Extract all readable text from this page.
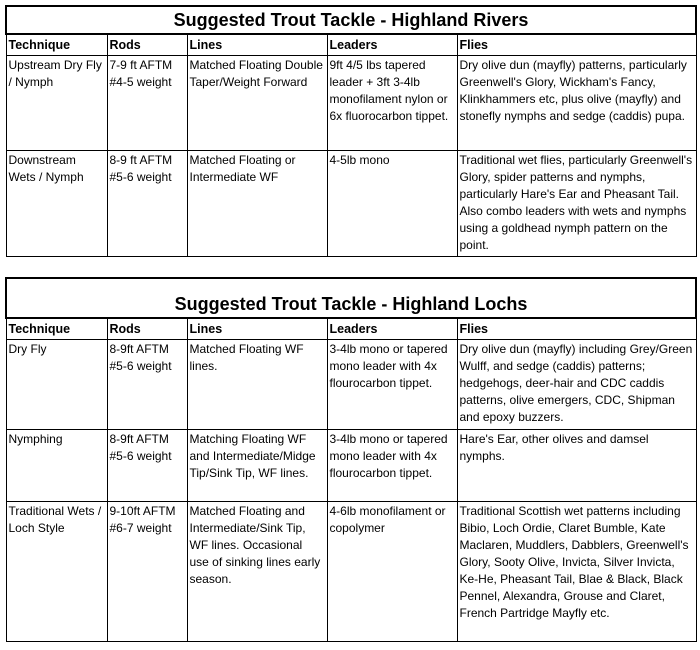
Suggested Trout Tackle - Highland Rivers				
Technique	Rods	Lines	Leaders	Flies
Upstream Dry Fly / Nymph	7-9 ft AFTM #4-5 weight	Matched Floating Double Taper/Weight Forward	9ft 4/5 lbs tapered leader + 3ft 3-4lb monofilament nylon or 6x fluorocarbon tippet.	Dry olive dun (mayfly) patterns, particularly Greenwell's Glory, Wickham's Fancy, Klinkhammers etc, plus olive (mayfly) and stonefly nymphs and sedge (caddis) pupa.
Downstream Wets / Nymph	8-9 ft AFTM #5-6 weight	Matched Floating or Intermediate WF	4-5lb mono	Traditional wet flies, particularly Greenwell's Glory, spider patterns and nymphs, particularly Hare's Ear and Pheasant Tail. Also combo leaders with wets and nymphs using a goldhead nymph pattern on the point.

Suggested Trout Tackle - Highland Lochs				
Technique	Rods	Lines	Leaders	Flies
Dry Fly	8-9ft AFTM #5-6 weight	Matched Floating WF lines.	3-4lb mono or tapered mono leader with 4x flourocarbon tippet.	Dry olive dun (mayfly) including Grey/Green Wulff, and sedge (caddis) patterns; hedgehogs, deer-hair and CDC caddis patterns, olive emergers, CDC, Shipman and epoxy buzzers.
Nymphing	8-9ft AFTM #5-6 weight	Matching Floating WF and Intermediate/Midge Tip/Sink Tip, WF lines.	3-4lb mono or tapered mono leader with 4x flourocarbon tippet.	Hare's Ear, other olives and damsel nymphs.
Traditional Wets / Loch Style	9-10ft AFTM #6-7 weight	Matched Floating and Intermediate/Sink Tip, WF lines. Occasional use of sinking lines early season.	4-6lb monofilament or copolymer	Traditional Scottish wet patterns including Bibio, Loch Ordie, Claret Bumble, Kate Maclaren, Muddlers, Dabblers, Greenwell's Glory, Sooty Olive, Invicta, Silver Invicta, Ke-He, Pheasant Tail, Blae & Black, Black Pennel, Alexandra, Grouse and Claret, French Partridge Mayfly etc.
